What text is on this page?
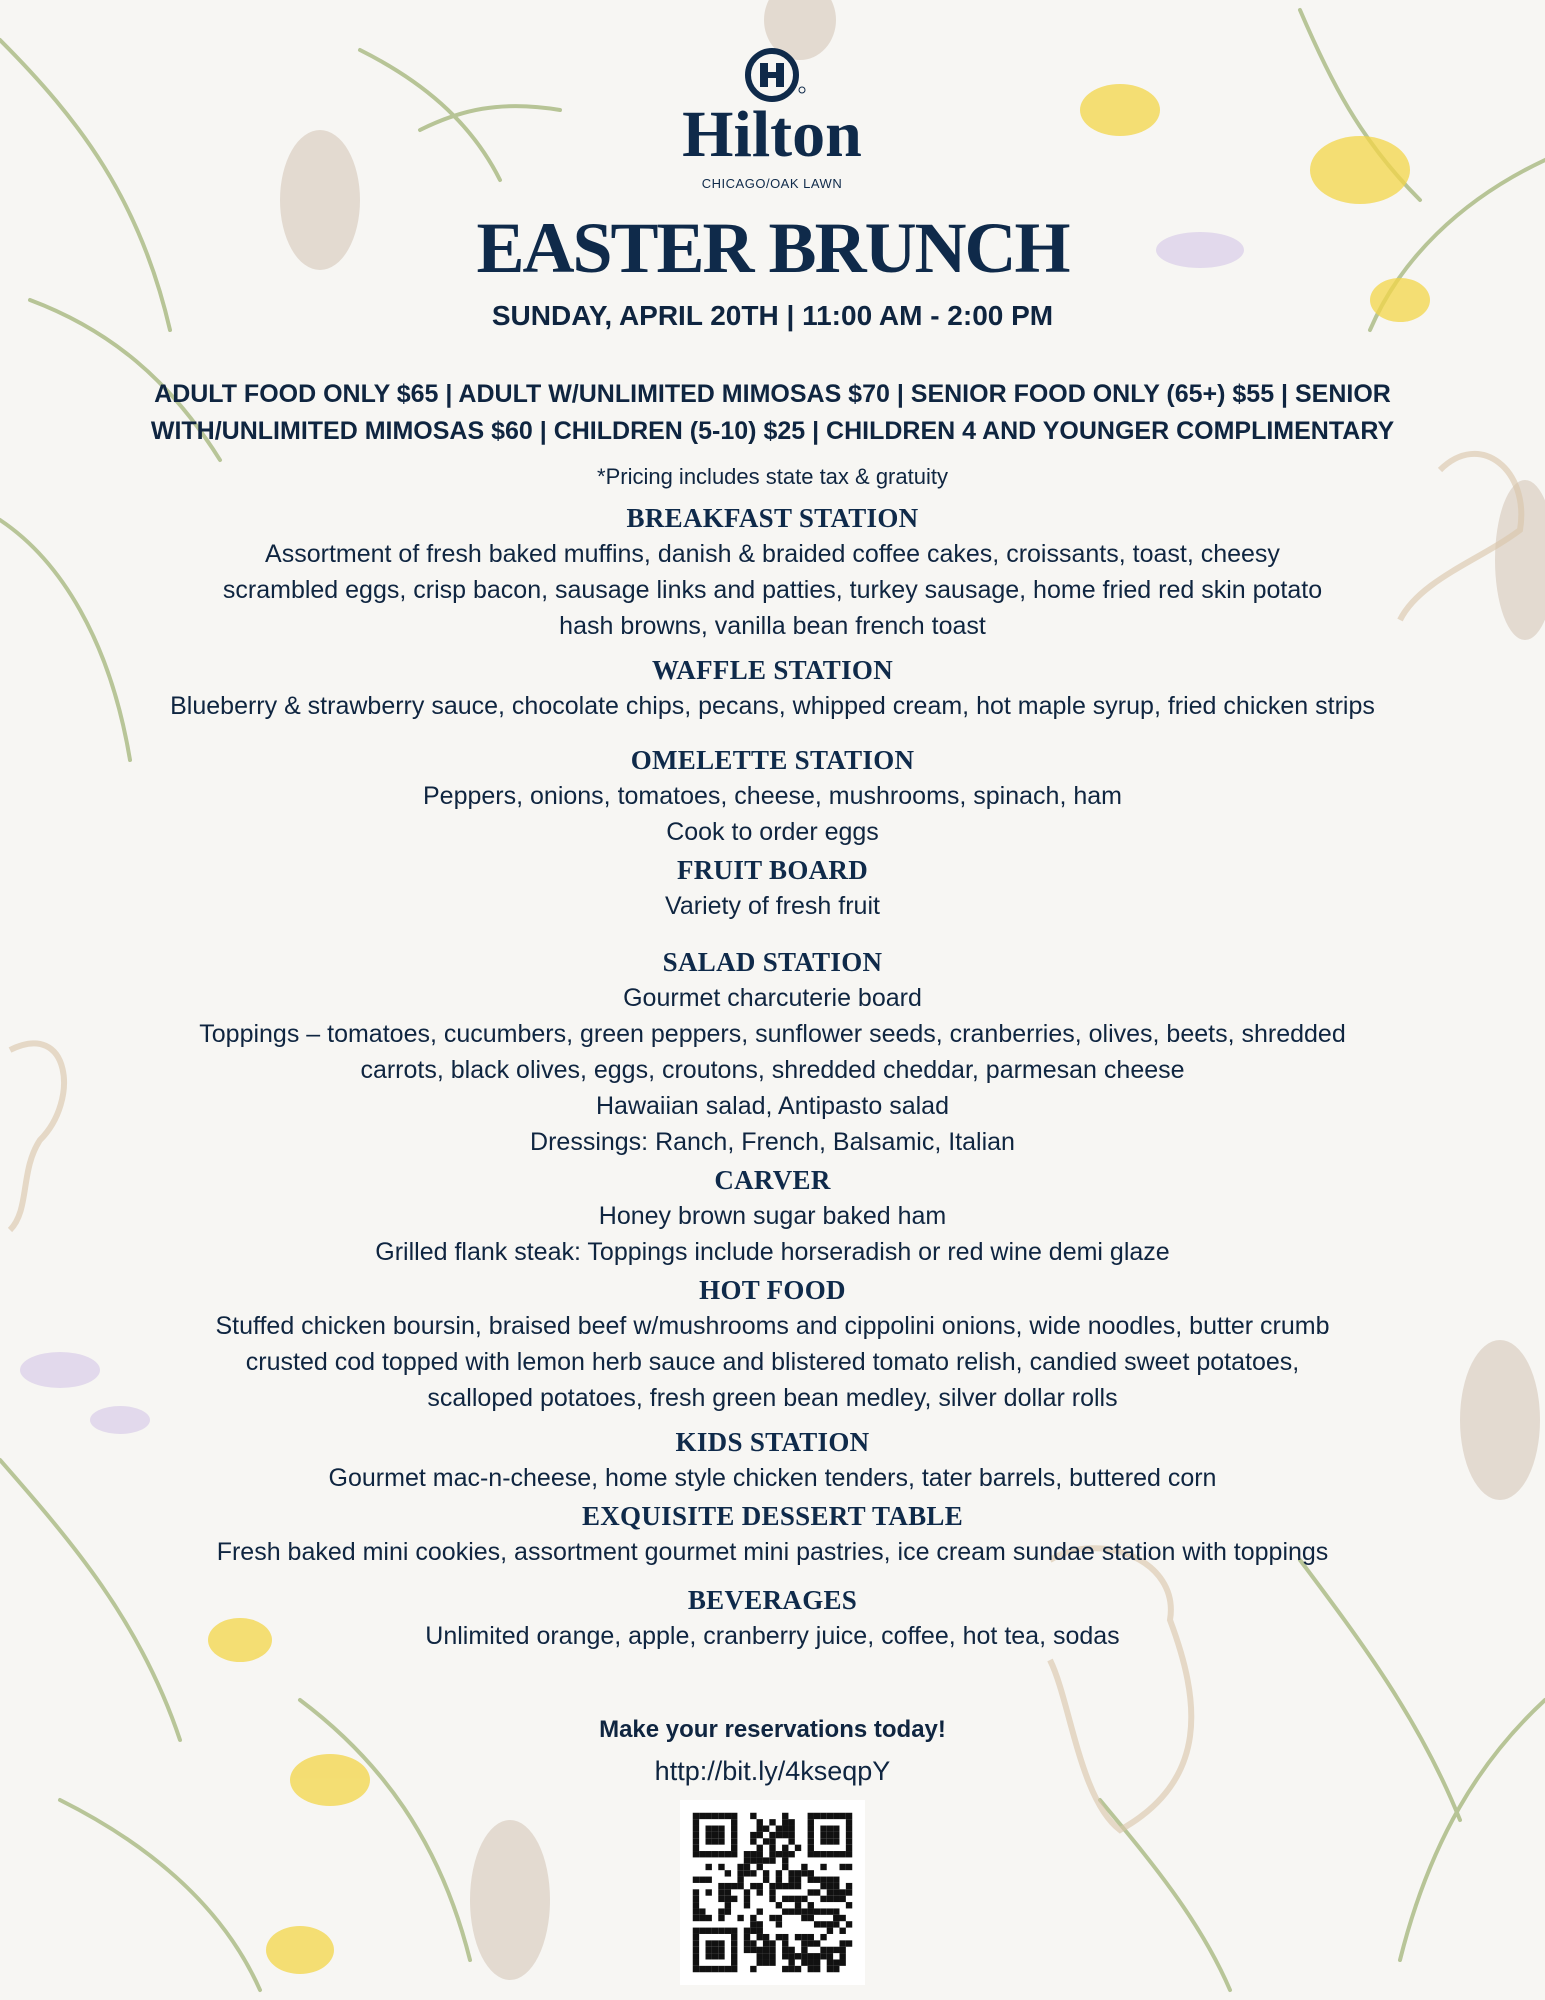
Hilton
CHICAGO/OAK LAWN
EASTER BRUNCH
SUNDAY, APRIL 20TH | 11:00 AM - 2:00 PM
ADULT FOOD ONLY $65 | ADULT W/UNLIMITED MIMOSAS $70 | SENIOR FOOD ONLY (65+) $55 | SENIOR
WITH/UNLIMITED MIMOSAS $60 | CHILDREN (5-10) $25 | CHILDREN 4 AND YOUNGER COMPLIMENTARY
*Pricing includes state tax & gratuity
BREAKFAST STATION
Assortment of fresh baked muffins, danish & braided coffee cakes, croissants, toast, cheesy
scrambled eggs, crisp bacon, sausage links and patties, turkey sausage, home fried red skin potato
hash browns, vanilla bean french toast
WAFFLE STATION
Blueberry & strawberry sauce, chocolate chips, pecans, whipped cream, hot maple syrup, fried chicken strips
OMELETTE STATION
Peppers, onions, tomatoes, cheese, mushrooms, spinach, ham
Cook to order eggs
FRUIT BOARD
Variety of fresh fruit
SALAD STATION
Gourmet charcuterie board
Toppings – tomatoes, cucumbers, green peppers, sunflower seeds, cranberries, olives, beets, shredded
carrots, black olives, eggs, croutons, shredded cheddar, parmesan cheese
Hawaiian salad, Antipasto salad
Dressings: Ranch, French, Balsamic, Italian
CARVER
Honey brown sugar baked ham
Grilled flank steak: Toppings include horseradish or red wine demi glaze
HOT FOOD
Stuffed chicken boursin, braised beef w/mushrooms and cippolini onions, wide noodles, butter crumb
crusted cod topped with lemon herb sauce and blistered tomato relish, candied sweet potatoes,
scalloped potatoes, fresh green bean medley, silver dollar rolls
KIDS STATION
Gourmet mac-n-cheese, home style chicken tenders, tater barrels, buttered corn
EXQUISITE DESSERT TABLE
Fresh baked mini cookies, assortment gourmet mini pastries, ice cream sundae station with toppings
BEVERAGES
Unlimited orange, apple, cranberry juice, coffee, hot tea, sodas
Make your reservations today!
http://bit.ly/4kseqpY
